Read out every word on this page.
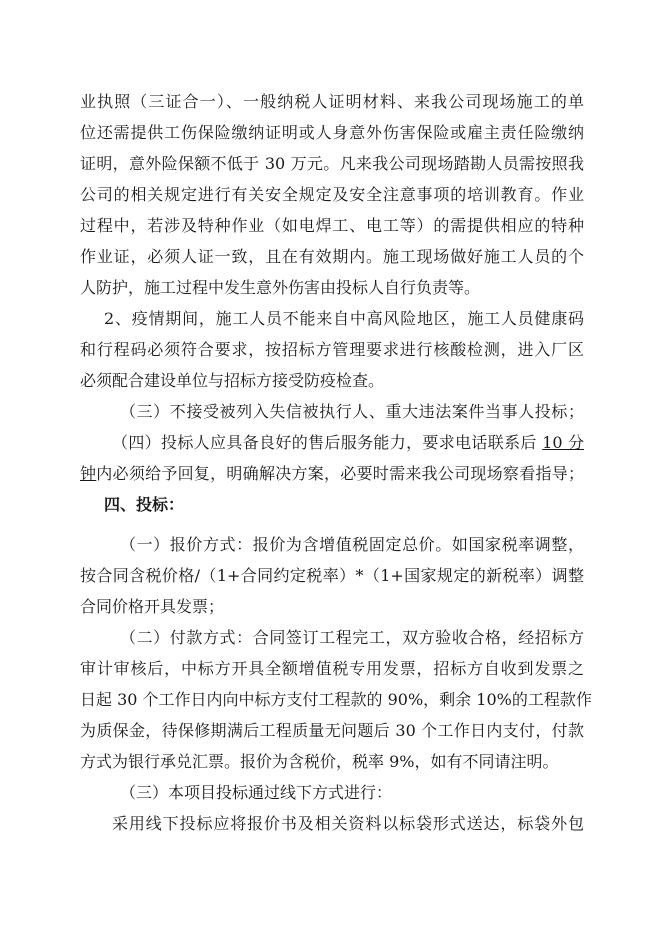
业执照（三证合一）、一般纳税人证明材料、来我公司现场施工的单
位还需提供工伤保险缴纳证明或人身意外伤害保险或雇主责任险缴纳
证明，意外险保额不低于 30 万元。凡来我公司现场踏勘人员需按照我
公司的相关规定进行有关安全规定及安全注意事项的培训教育。作业
过程中，若涉及特种作业（如电焊工、电工等）的需提供相应的特种
作业证，必须人证一致，且在有效期内。施工现场做好施工人员的个
人防护，施工过程中发生意外伤害由投标人自行负责等。
2、疫情期间，施工人员不能来自中高风险地区，施工人员健康码
和行程码必须符合要求，按招标方管理要求进行核酸检测，进入厂区
必须配合建设单位与招标方接受防疫检查。
（三）不接受被列入失信被执行人、重大违法案件当事人投标；
（四）投标人应具备良好的售后服务能力，要求电话联系后 10 分
钟内必须给予回复，明确解决方案，必要时需来我公司现场察看指导；
四、投标：
（一）报价方式：报价为含增值税固定总价。如国家税率调整，
按合同含税价格/（1+合同约定税率）*（1+国家规定的新税率）调整
合同价格开具发票；
（二）付款方式：合同签订工程完工，双方验收合格，经招标方
审计审核后，中标方开具全额增值税专用发票，招标方自收到发票之
日起 30 个工作日内向中标方支付工程款的 90%，剩余 10%的工程款作
为质保金，待保修期满后工程质量无问题后 30 个工作日内支付，付款
方式为银行承兑汇票。报价为含税价，税率 9%，如有不同请注明。
（三）本项目投标通过线下方式进行：
采用线下投标应将报价书及相关资料以标袋形式送达，标袋外包
